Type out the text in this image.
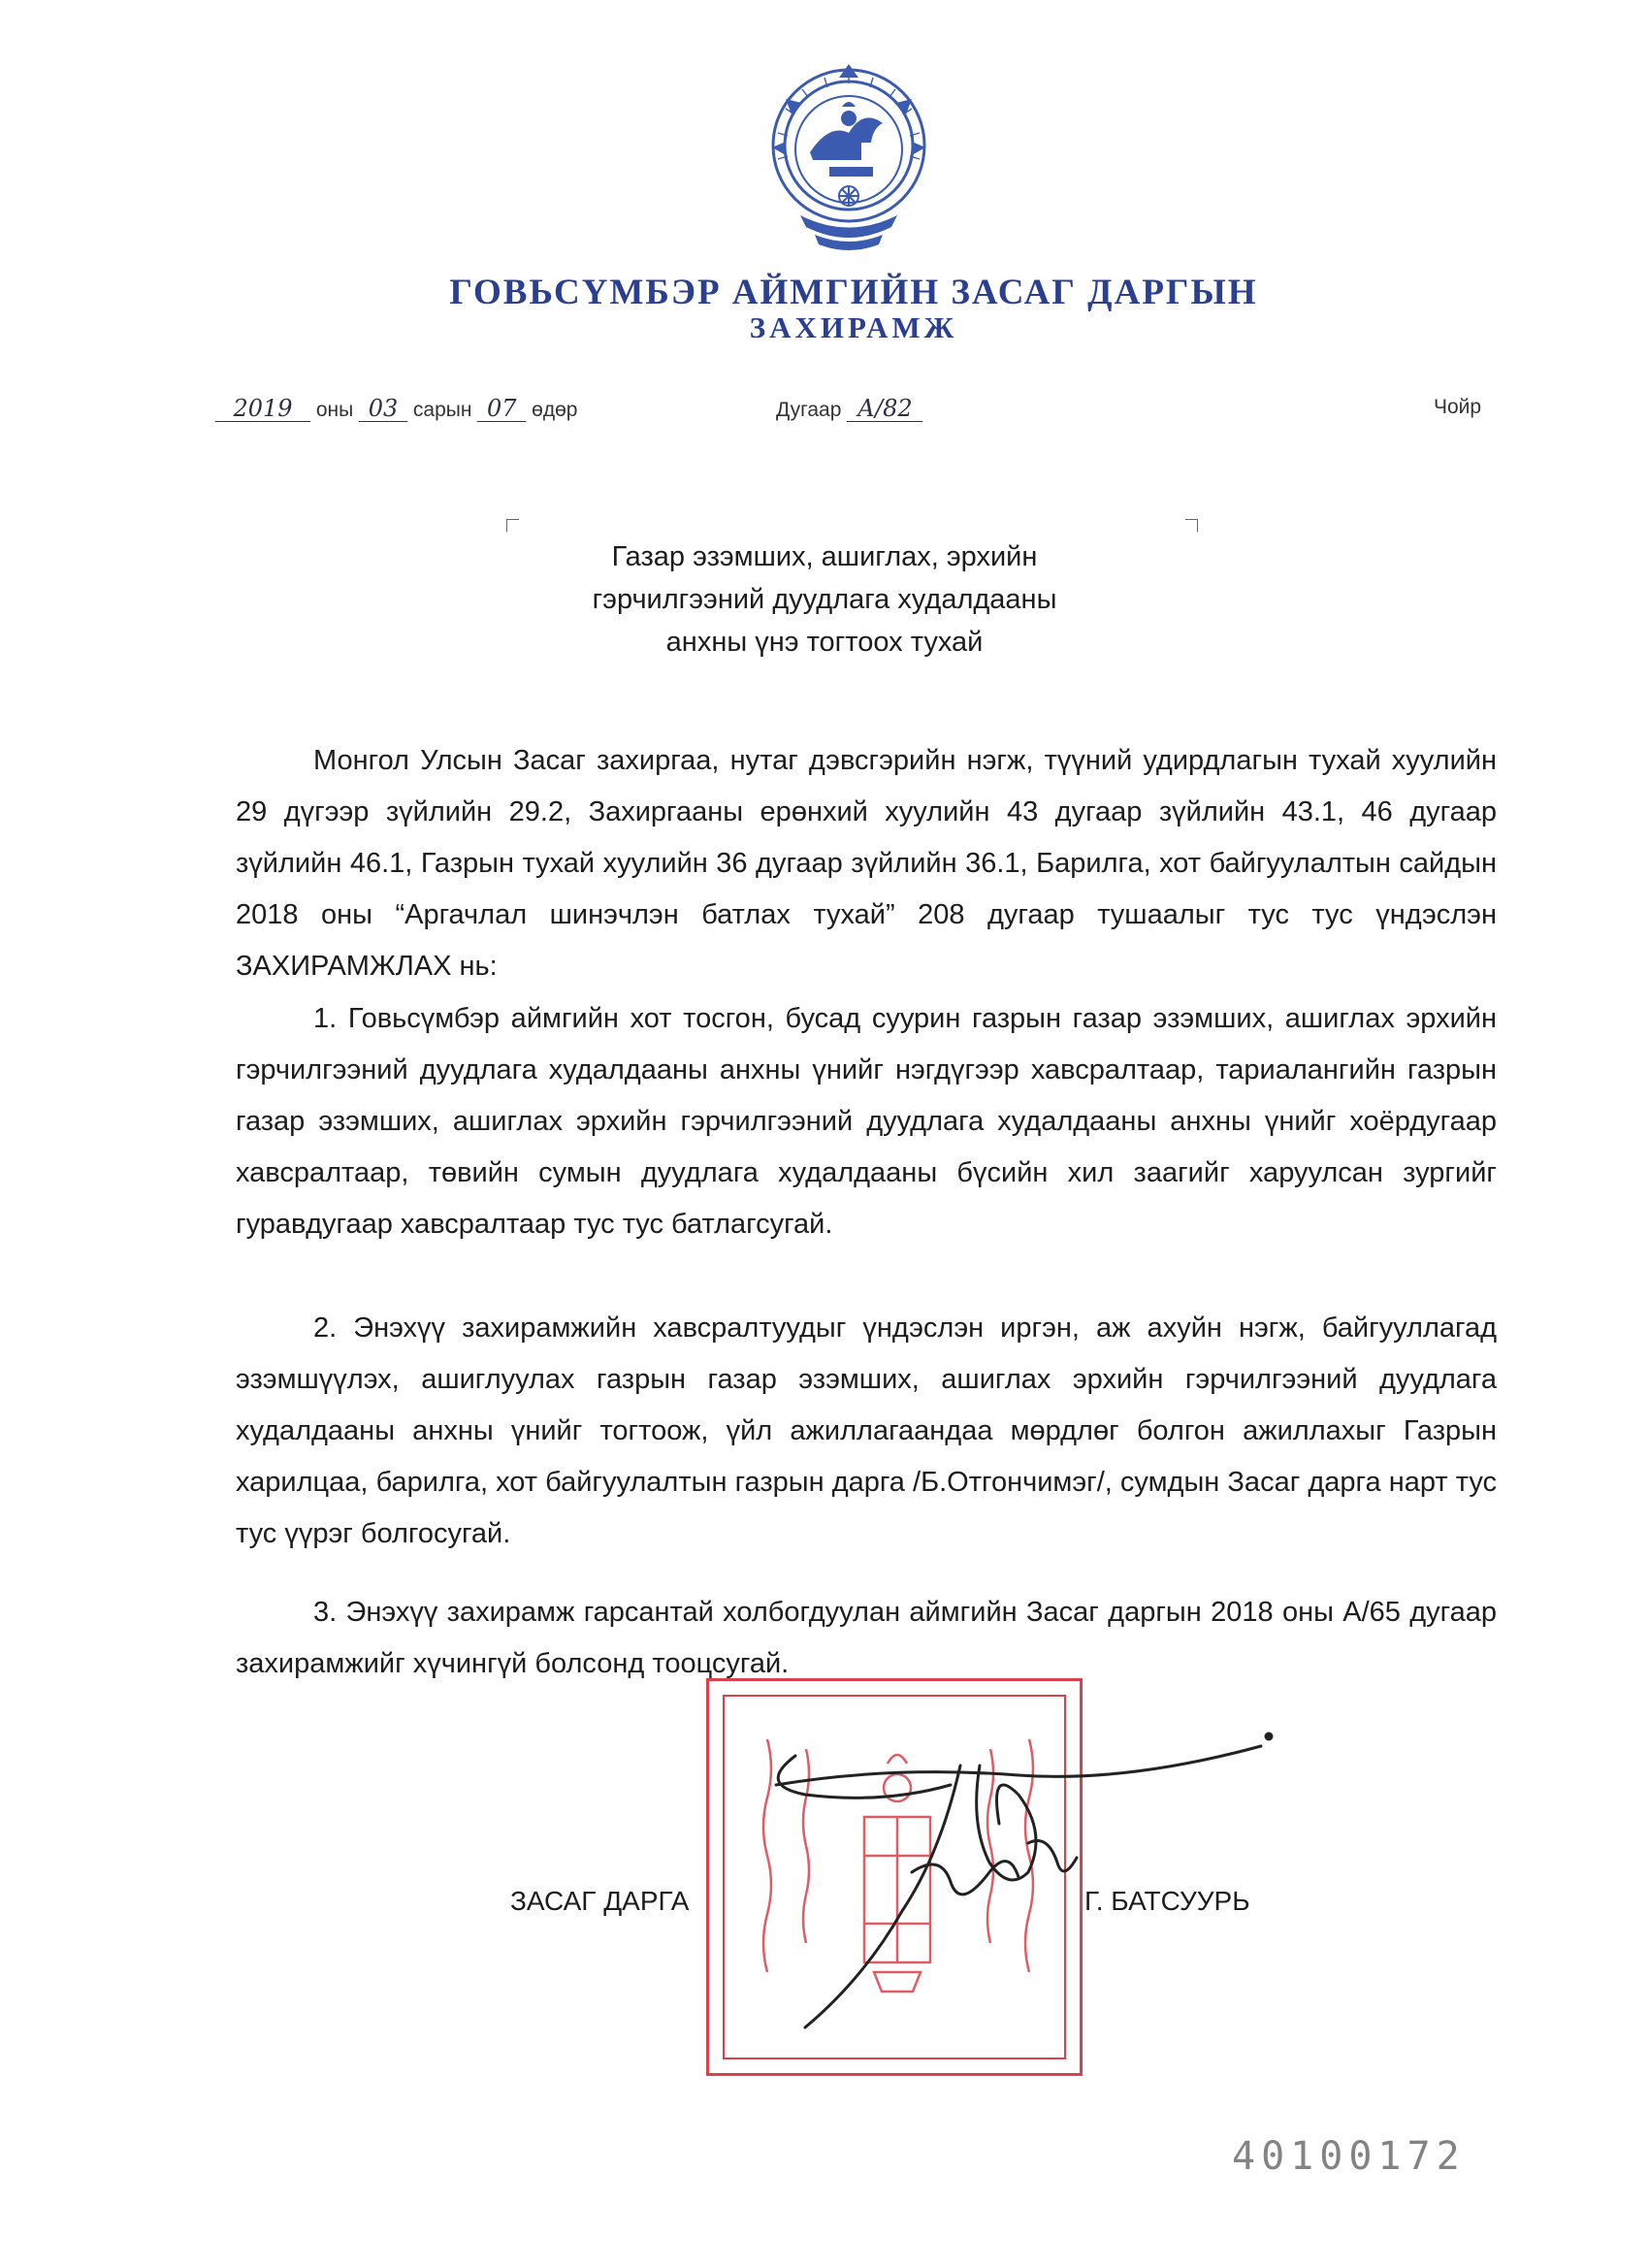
ГОВЬСҮМБЭР АЙМГИЙН ЗАСАГ ДАРГЫН
ЗАХИРАМЖ
2019 оны 03 сарын 07 өдөр	Дугаар А/82	Чойр
Газар эзэмших, ашиглах, эрхийн
гэрчилгээний дуудлага худалдааны
анхны үнэ тогтоох тухай
Монгол Улсын Засаг захиргаа, нутаг дэвсгэрийн нэгж, түүний удирдлагын тухай хуулийн 29 дүгээр зүйлийн 29.2, Захиргааны ерөнхий хуулийн 43 дугаар зүйлийн 43.1, 46 дугаар зүйлийн 46.1, Газрын тухай хуулийн 36 дугаар зүйлийн 36.1, Барилга, хот байгуулалтын сайдын 2018 оны “Аргачлал шинэчлэн батлах тухай” 208 дугаар тушаалыг тус тус үндэслэн ЗАХИРАМЖЛАХ нь:
1. Говьсүмбэр аймгийн хот тосгон, бусад суурин газрын газар эзэмших, ашиглах эрхийн гэрчилгээний дуудлага худалдааны анхны үнийг нэгдүгээр хавсралтаар, тариалангийн газрын газар эзэмших, ашиглах эрхийн гэрчилгээний дуудлага худалдааны анхны үнийг хоёрдугаар хавсралтаар, төвийн сумын дуудлага худалдааны бүсийн хил заагийг харуулсан зургийг гуравдугаар хавсралтаар тус тус батлагсугай.
2. Энэхүү захирамжийн хавсралтуудыг үндэслэн иргэн, аж ахуйн нэгж, байгууллагад эзэмшүүлэх, ашиглуулах газрын газар эзэмших, ашиглах эрхийн гэрчилгээний дуудлага худалдааны анхны үнийг тогтоож, үйл ажиллагаандаа мөрдлөг болгон ажиллахыг Газрын харилцаа, барилга, хот байгуулалтын газрын дарга /Б.Отгончимэг/, сумдын Засаг дарга нарт тус тус үүрэг болгосугай.
3. Энэхүү захирамж гарсантай холбогдуулан аймгийн Засаг даргын 2018 оны А/65 дугаар захирамжийг хүчингүй болсонд тооцсугай.
ЗАСАГ ДАРГА	Г. БАТСУУРЬ
40100172
